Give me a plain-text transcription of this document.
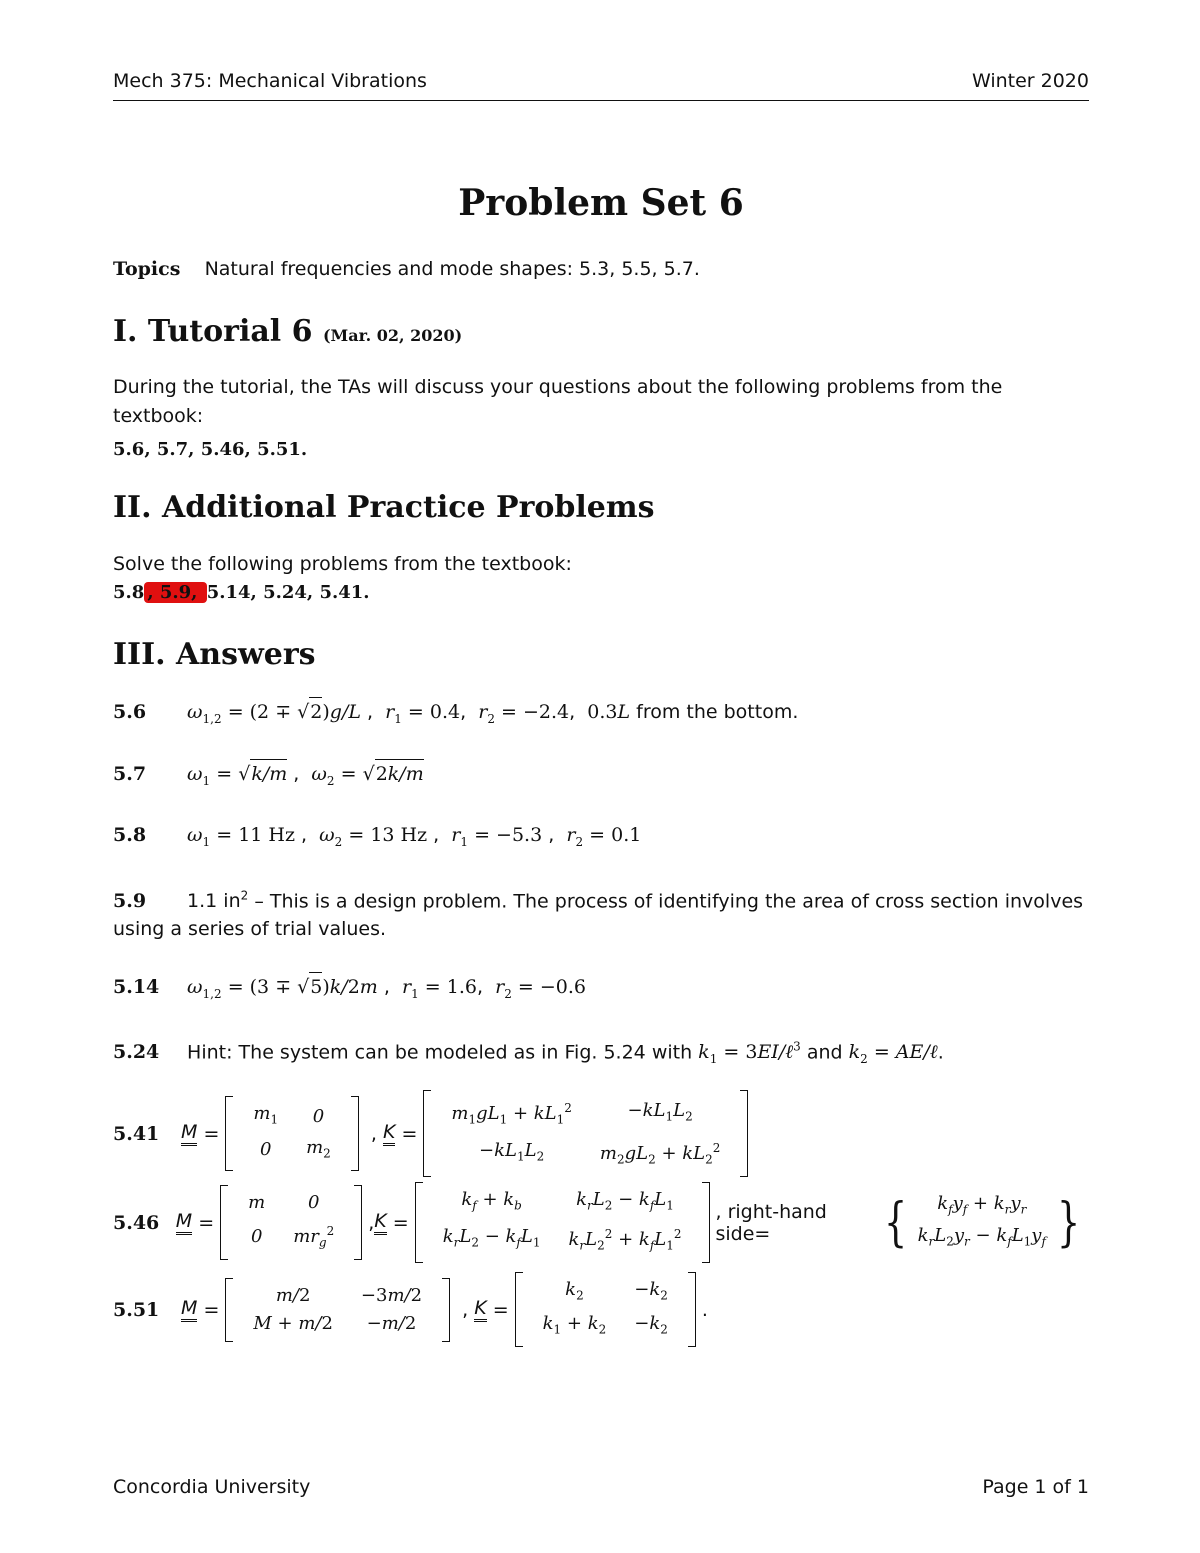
Mech 375: Mechanical Vibrations	Winter 2020
Problem Set 6
Topics Natural frequencies and mode shapes: 5.3, 5.5, 5.7.
I. Tutorial 6 (Mar. 02, 2020)
During the tutorial, the TAs will discuss your questions about the following problems from the textbook:
5.6, 5.7, 5.46, 5.51.
II. Additional Practice Problems
Solve the following problems from the textbook:
5.8 , 5.9, 5.14, 5.24, 5.41.
III. Answers
5.6 $\omega_{1,2} = (2 \mp √2)g/L$ ,  $r_1 = 0.4$,  $r_2 = -2.4$,  0.3L from the bottom.
5.7 $\omega_1 = √k/m$ ,  $\omega_2 = √2k/m$
5.8 $\omega_1 = 11$ Hz ,  $\omega_2 = 13$ Hz ,  $r_1 = -5.3$ ,  $r_2 = 0.1$
5.9 1.1 $in^2$ – This is a design problem. The process of identifying the area of cross section involves
using a series of trial values.
5.14 $\omega_{1,2} = (3 \mp √5)k/2m$ ,  $r_1 = 1.6$,  $r_2 = -0.6$
5.24 Hint: The system can be modeled as in Fig. 5.24 with $k_1$ = 3EI/ℓ$^3$ and $k_2$ = AE/ℓ.
5.41	M =
$m_1$	0
0	$m_2$
, K =
$m_1gL_1 + kL_1^2$	$-kL_1L_2$
$-kL_1L_2$	$m_2gL_2 + kL_2^2$
5.46 M =
m	0
0	$mr_g^2$ , K =
$k_f + k_b$	$k_rL_2 - k_fL_1$
$k_rL_2 - k_fL_1$	$k_rL_2^2 + k_fL_1^2$
, right-hand side=	{ $k_fy_f + k_ry_r$
$k_rL_2y_r - k_fL_1y_f$ }
5.51	M =
m/2	−3m/2
M + m/2	−m/2
, K =
$k_2$	$-k_2$
$k_1 + k_2$	$-k_2$
.
Concordia University	Page 1 of 1
